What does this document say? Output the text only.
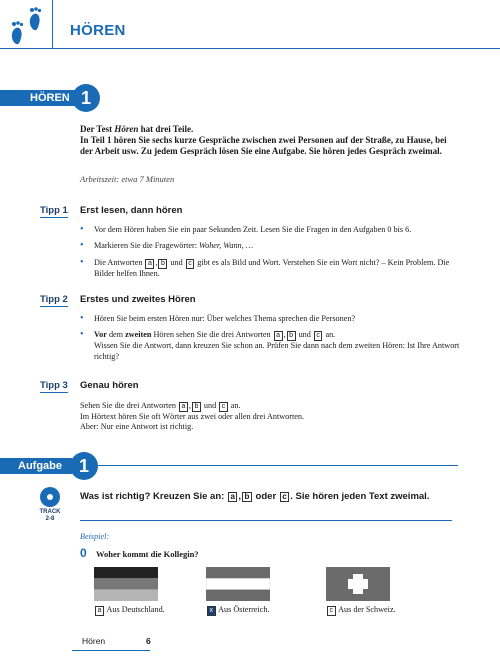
HÖREN
HÖREN 1
Der Test Hören hat drei Teile.
In Teil 1 hören Sie sechs kurze Gespräche zwischen zwei Personen auf der Straße, zu Hause, bei der Arbeit usw. Zu jedem Gespräch lösen Sie eine Aufgabe. Sie hören jedes Gespräch zweimal.
Arbeitszeit: etwa 7 Minuten
Tipp 1 Erst lesen, dann hören
• Vor dem Hören haben Sie ein paar Sekunden Zeit. Lesen Sie die Fragen in den Aufgaben 0 bis 6.
• Markieren Sie die Fragewörter: Woher, Wann, …
• Die Antworten a , b und c gibt es als Bild und Wort. Verstehen Sie ein Wort nicht? – Kein Problem. Die Bilder helfen Ihnen.
Tipp 2 Erstes und zweites Hören
• Hören Sie beim ersten Hören nur: Über welches Thema sprechen die Personen?
• Vor dem zweiten Hören sehen Sie die drei Antworten a , b und c an.
Wissen Sie die Antwort, dann kreuzen Sie schon an. Prüfen Sie dann nach dem zweiten Hören: Ist Ihre Antwort richtig?
Tipp 3 Genau hören
Sehen Sie die drei Antworten a , b und c an.
Im Hörtext hören Sie oft Wörter aus zwei oder allen drei Antworten.
Aber: Nur eine Antwort ist richtig.
Aufgabe 1
TRACK
2-8
Was ist richtig? Kreuzen Sie an: a , b oder c . Sie hören jeden Text zweimal.
Beispiel:
0 Woher kommt die Kollegin?
a Aus Deutschland.	x Aus Österreich.	c Aus der Schweiz.
Hören	6
